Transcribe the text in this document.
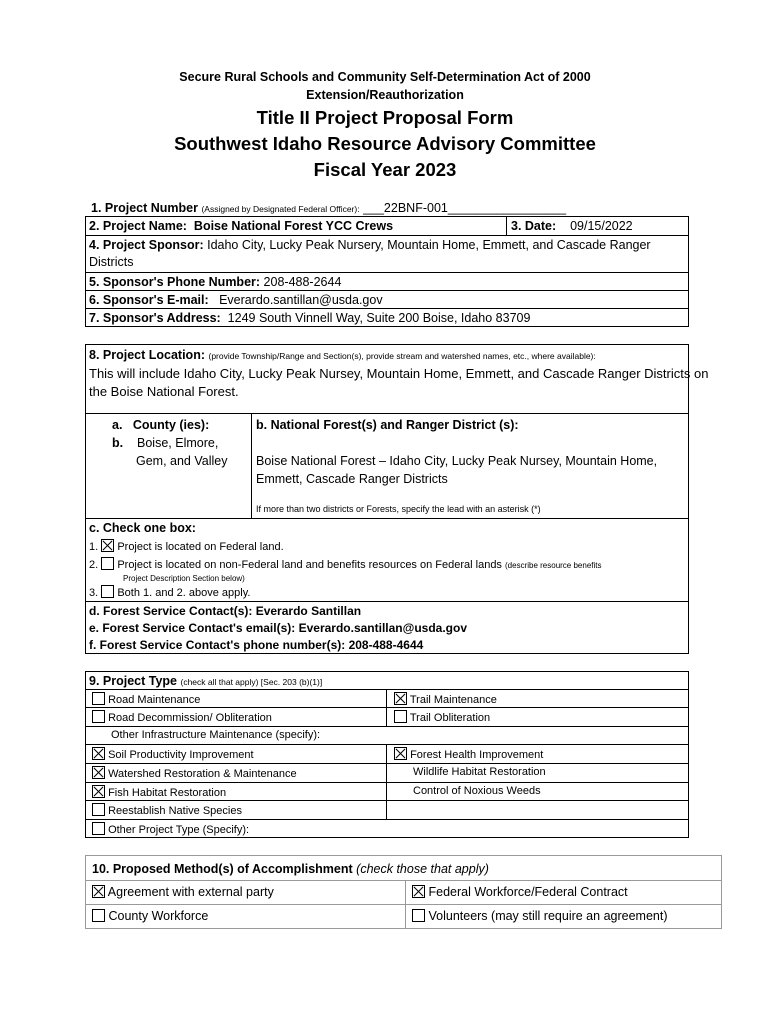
Secure Rural Schools and Community Self-Determination Act of 2000
Extension/Reauthorization
Title II Project Proposal Form
Southwest Idaho Resource Advisory Committee
Fiscal Year 2023
1. Project Number (Assigned by Designated Federal Officer): ___22BNF-001_________________
2. Project Name: Boise National Forest YCC Crews	3. Date: 09/15/2022
4. Project Sponsor: Idaho City, Lucky Peak Nursery, Mountain Home, Emmett, and Cascade Ranger
Districts
5. Sponsor's Phone Number: 208-488-2644
6. Sponsor's E-mail: Everardo.santillan@usda.gov
7. Sponsor's Address: 1249 South Vinnell Way, Suite 200 Boise, Idaho 83709
8. Project Location: (provide Township/Range and Section(s), provide stream and watershed names, etc., where available):
This will include Idaho City, Lucky Peak Nursey, Mountain Home, Emmett, and Cascade Ranger Districts on
the Boise National Forest.
a. County (ies):
b. Boise, Elmore,
Gem, and Valley
b. National Forest(s) and Ranger District (s):
Boise National Forest – Idaho City, Lucky Peak Nursey, Mountain Home,
Emmett, Cascade Ranger Districts
If more than two districts or Forests, specify the lead with an asterisk (*)
c. Check one box:
1. Project is located on Federal land.
2. Project is located on non-Federal land and benefits resources on Federal lands (describe resource benefits
Project Description Section below)
3. Both 1. and 2. above apply.
d. Forest Service Contact(s): Everardo Santillan
e. Forest Service Contact's email(s): Everardo.santillan@usda.gov
f. Forest Service Contact's phone number(s): 208-488-4644
9. Project Type (check all that apply) [Sec. 203 (b)(1)]
Road Maintenance	Trail Maintenance
Road Decommission/ Obliteration	Trail Obliteration
Other Infrastructure Maintenance (specify):
Soil Productivity Improvement	Forest Health Improvement
Watershed Restoration & Maintenance	Wildlife Habitat Restoration
Fish Habitat Restoration	Control of Noxious Weeds
Reestablish Native Species
Other Project Type (Specify):
10. Proposed Method(s) of Accomplishment (check those that apply)
Agreement with external party	Federal Workforce/Federal Contract
County Workforce	Volunteers (may still require an agreement)
